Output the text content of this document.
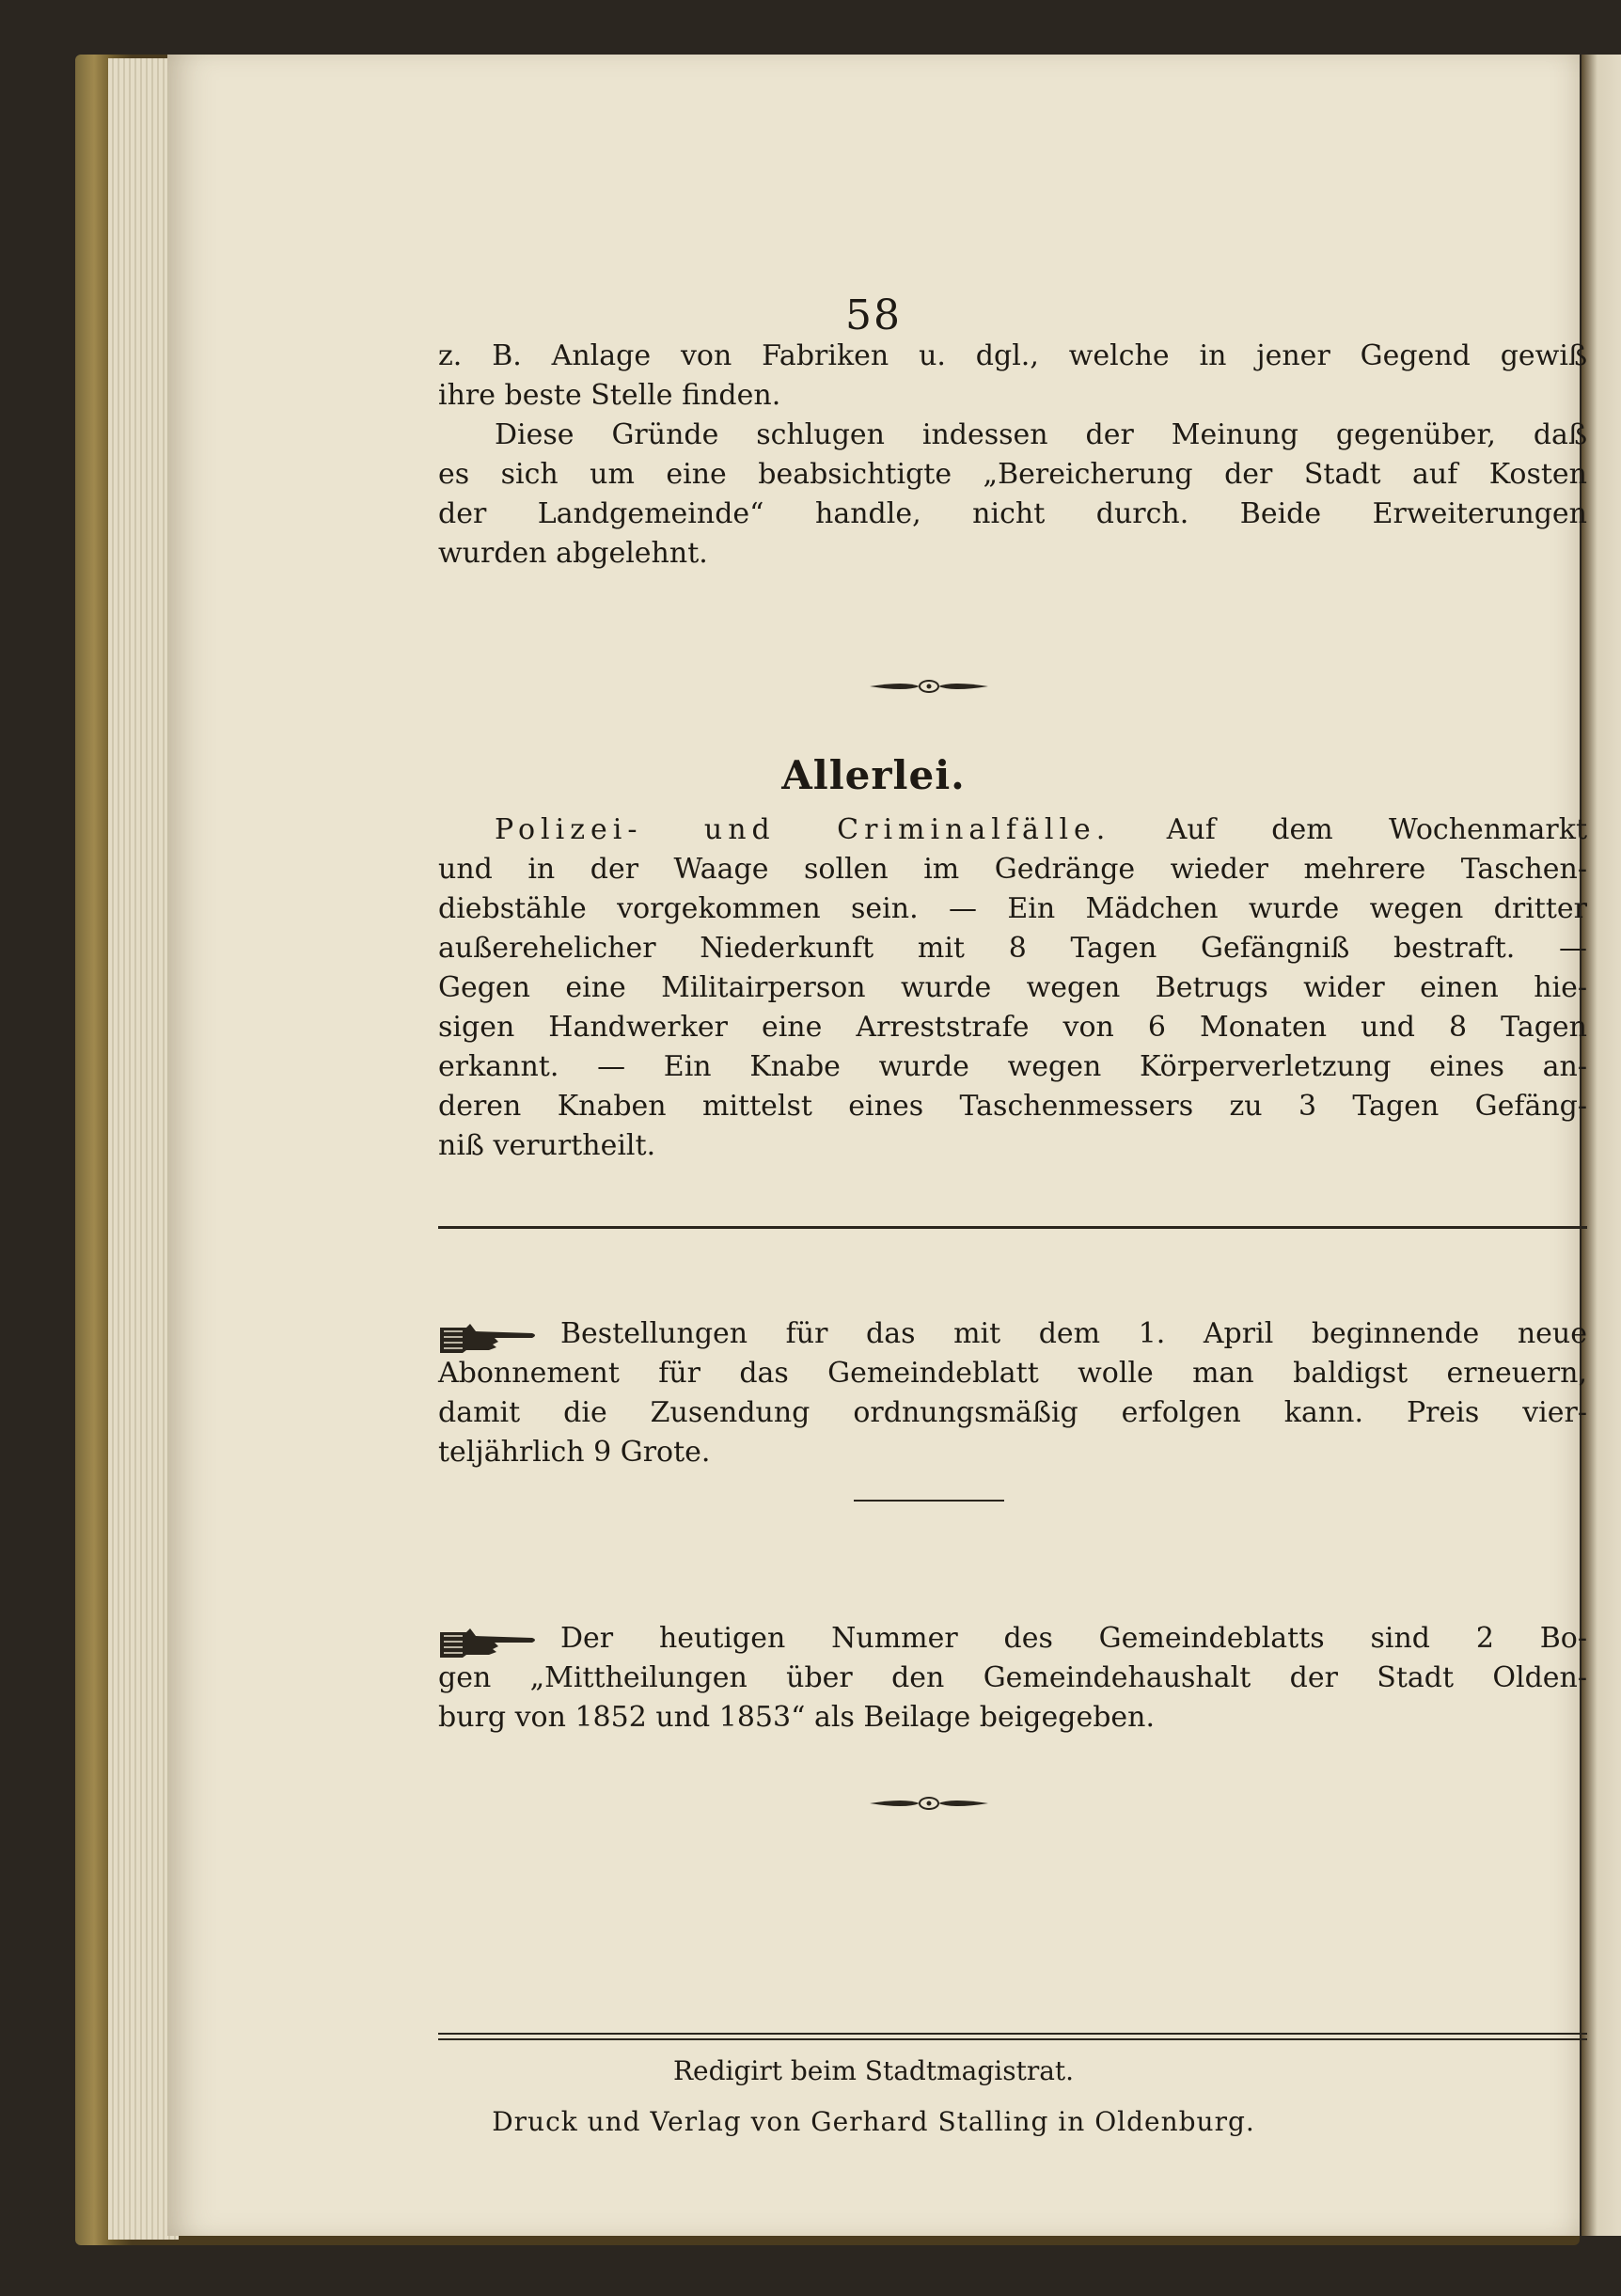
58
z. B. Anlage von Fabriken u. dgl., welche in jener Gegend gewiß
ihre beste Stelle finden.
Diese Gründe schlugen indessen der Meinung gegenüber, daß
es sich um eine beabsichtigte „Bereicherung der Stadt auf Kosten
der Landgemeinde“ handle, nicht durch. Beide Erweiterungen
wurden abgelehnt.
Allerlei.
Polizei- und Criminalfälle. Auf dem Wochenmarkt
und in der Waage sollen im Gedränge wieder mehrere Taschen-
diebstähle vorgekommen sein. — Ein Mädchen wurde wegen dritter
außerehelicher Niederkunft mit 8 Tagen Gefängniß bestraft. —
Gegen eine Militairperson wurde wegen Betrugs wider einen hie-
sigen Handwerker eine Arreststrafe von 6 Monaten und 8 Tagen
erkannt. — Ein Knabe wurde wegen Körperverletzung eines an-
deren Knaben mittelst eines Taschenmessers zu 3 Tagen Gefäng-
niß verurtheilt.
Bestellungen für das mit dem 1. April beginnende neue
Abonnement für das Gemeindeblatt wolle man baldigst erneuern,
damit die Zusendung ordnungsmäßig erfolgen kann. Preis vier-
teljährlich 9 Grote.
Der heutigen Nummer des Gemeindeblatts sind 2 Bo-
gen „Mittheilungen über den Gemeindehaushalt der Stadt Olden-
burg von 1852 und 1853“ als Beilage beigegeben.
Redigirt beim Stadtmagistrat.
Druck und Verlag von Gerhard Stalling in Oldenburg.
